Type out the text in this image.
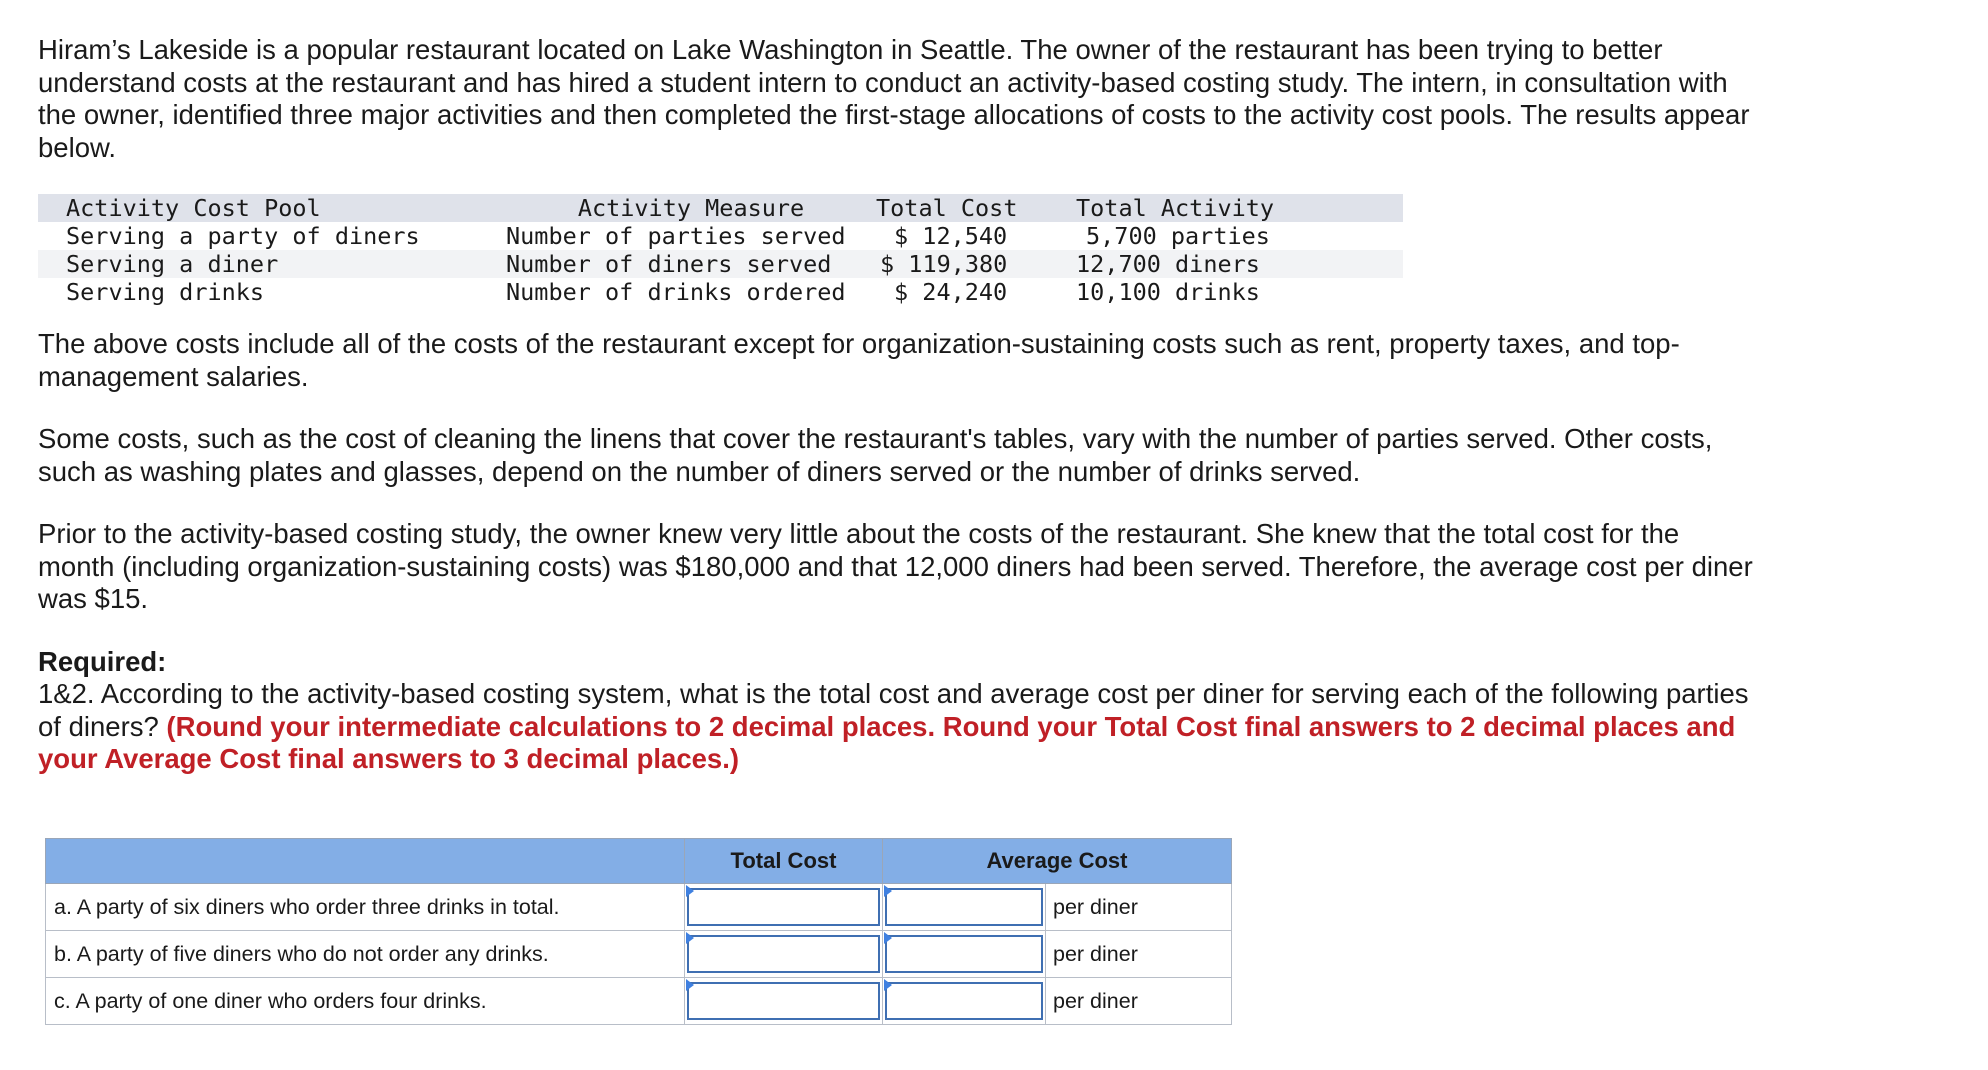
Hiram’s Lakeside is a popular restaurant located on Lake Washington in Seattle. The owner of the restaurant has been trying to better understand costs at the restaurant and has hired a student intern to conduct an activity-based costing study. The intern, in consultation with the owner, identified three major activities and then completed the first-stage allocations of costs to the activity cost pools. The results appear below.

Activity Cost Pool	Activity Measure	Total Cost	Total Activity
Serving a party of diners	Number of parties served	$ 12,540	5,700 parties
Serving a diner	Number of diners served	$ 119,380	12,700 diners
Serving drinks	Number of drinks ordered	$ 24,240	10,100 drinks

The above costs include all of the costs of the restaurant except for organization-sustaining costs such as rent, property taxes, and top-management salaries.

Some costs, such as the cost of cleaning the linens that cover the restaurant's tables, vary with the number of parties served. Other costs, such as washing plates and glasses, depend on the number of diners served or the number of drinks served.

Prior to the activity-based costing study, the owner knew very little about the costs of the restaurant. She knew that the total cost for the month (including organization-sustaining costs) was $180,000 and that 12,000 diners had been served. Therefore, the average cost per diner was $15.

Required:

1&2. According to the activity-based costing system, what is the total cost and average cost per diner for serving each of the following parties of diners? (Round your intermediate calculations to 2 decimal places. Round your Total Cost final answers to 2 decimal places and your Average Cost final answers to 3 decimal places.)

	Total Cost	Average Cost	
a. A party of six diners who order three drinks in total.			per diner
b. A party of five diners who do not order any drinks.			per diner
c. A party of one diner who orders four drinks.			per diner
